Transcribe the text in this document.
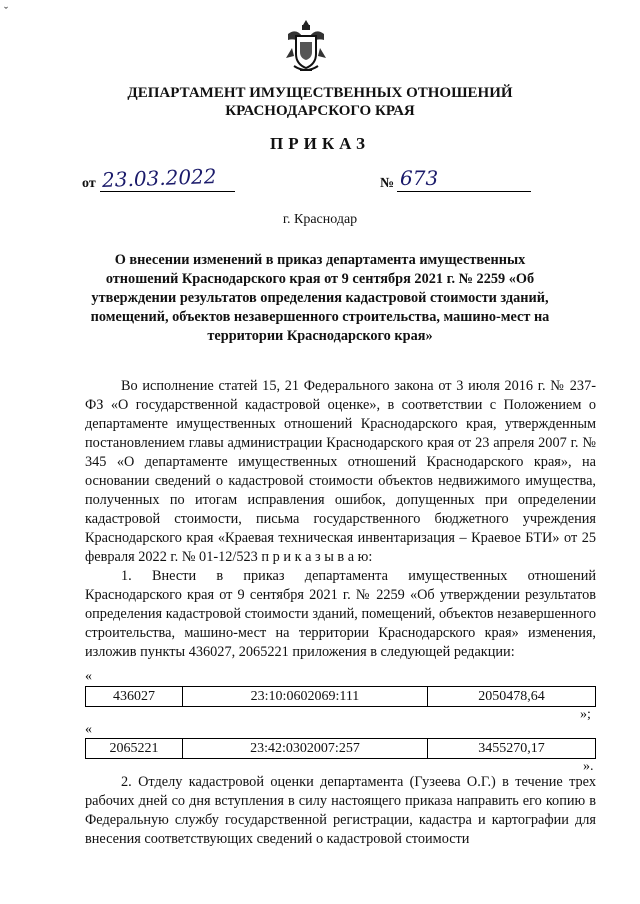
ˇ
ДЕПАРТАМЕНТ ИМУЩЕСТВЕННЫХ ОТНОШЕНИЙ
КРАСНОДАРСКОГО КРАЯ
ПРИКАЗ
от 23.03.2022	№ 673
г. Краснодар
О внесении изменений в приказ департамента имущественных отношений Краснодарского края от 9 сентября 2021 г. № 2259 «Об утверждении результатов определения кадастровой стоимости зданий, помещений, объектов незавершенного строительства, машино-мест на территории Краснодарского края»
Во исполнение статей 15, 21 Федерального закона от 3 июля 2016 г. № 237-ФЗ «О государственной кадастровой оценке», в соответствии с Положением о департаменте имущественных отношений Краснодарского края, утвержденным постановлением главы администрации Краснодарского края от 23 апреля 2007 г. № 345 «О департаменте имущественных отношений Краснодарского края», на основании сведений о кадастровой стоимости объектов недвижимого имущества, полученных по итогам исправления ошибок, допущенных при определении кадастровой стоимости, письма государственного бюджетного учреждения Краснодарского края «Краевая техническая инвентаризация – Краевое БТИ» от 25 февраля 2022 г. № 01-12/523 п р и к а з ы в а ю:
1. Внести в приказ департамента имущественных отношений Краснодарского края от 9 сентября 2021 г. № 2259 «Об утверждении результатов определения кадастровой стоимости зданий, помещений, объектов незавершенного строительства, машино-мест на территории Краснодарского края» изменения, изложив пункты 436027, 2065221 приложения в следующей редакции:
«
436027	23:10:0602069:111	2050478,64
»;
«
2065221	23:42:0302007:257	3455270,17
».
2. Отделу кадастровой оценки департамента (Гузеева О.Г.) в течение трех рабочих дней со дня вступления в силу настоящего приказа направить его копию в Федеральную службу государственной регистрации, кадастра и картографии для внесения соответствующих сведений о кадастровой стоимости
